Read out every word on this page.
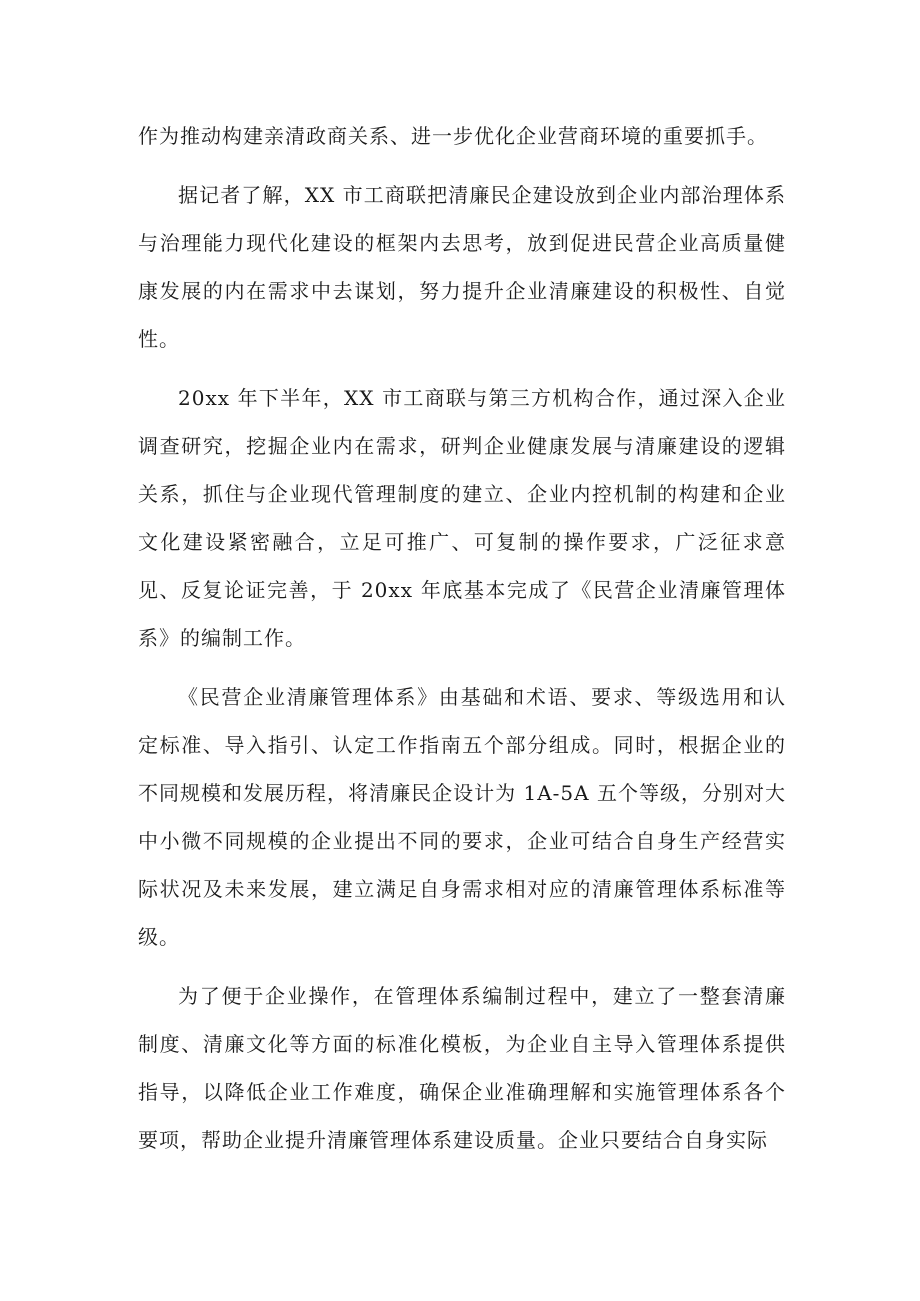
作为推动构建亲清政商关系、进一步优化企业营商环境的重要抓手。

据记者了解，XX 市工商联把清廉民企建设放到企业内部治理体系与治理能力现代化建设的框架内去思考，放到促进民营企业高质量健康发展的内在需求中去谋划，努力提升企业清廉建设的积极性、自觉性。

20xx 年下半年，XX 市工商联与第三方机构合作，通过深入企业调查研究，挖掘企业内在需求，研判企业健康发展与清廉建设的逻辑关系，抓住与企业现代管理制度的建立、企业内控机制的构建和企业文化建设紧密融合，立足可推广、可复制的操作要求，广泛征求意见、反复论证完善，于 20xx 年底基本完成了《民营企业清廉管理体系》的编制工作。

《民营企业清廉管理体系》由基础和术语、要求、等级选用和认定标准、导入指引、认定工作指南五个部分组成。同时，根据企业的不同规模和发展历程，将清廉民企设计为 1A-5A 五个等级，分别对大中小微不同规模的企业提出不同的要求，企业可结合自身生产经营实际状况及未来发展，建立满足自身需求相对应的清廉管理体系标准等级。

为了便于企业操作，在管理体系编制过程中，建立了一整套清廉制度、清廉文化等方面的标准化模板，为企业自主导入管理体系提供指导，以降低企业工作难度，确保企业准确理解和实施管理体系各个要项，帮助企业提升清廉管理体系建设质量。企业只要结合自身实际
